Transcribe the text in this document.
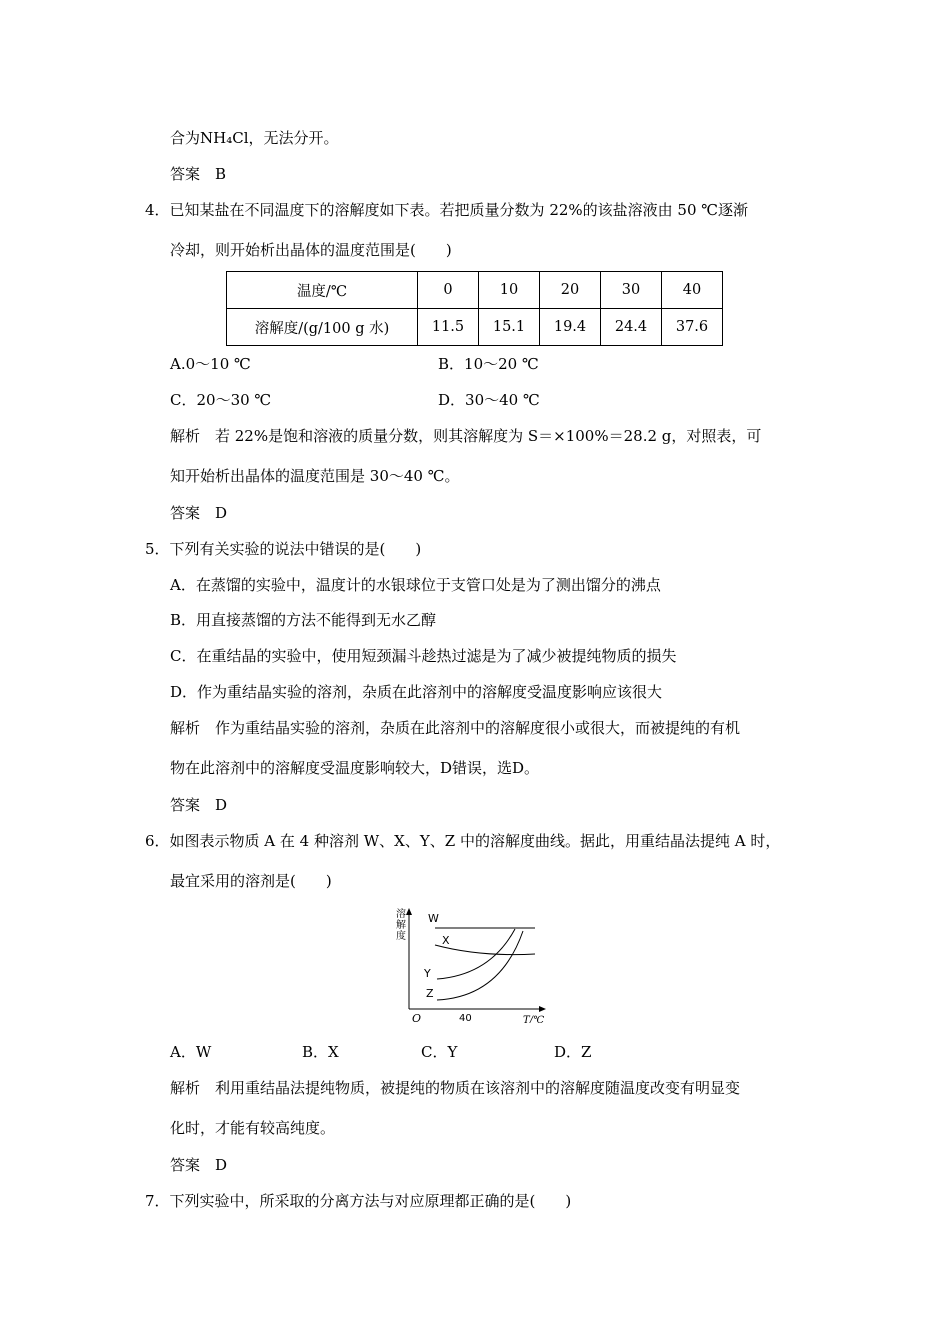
合为NH₄Cl，无法分开。
答案　B
4．已知某盐在不同温度下的溶解度如下表。若把质量分数为 22%的该盐溶液由 50 ℃逐渐
冷却，则开始析出晶体的温度范围是(　　)
温度/℃	0	10	20	30	40
溶解度/(g/100 g 水)	11.5	15.1	19.4	24.4	37.6
A.0～10 ℃	B．10～20 ℃
C．20～30 ℃	D．30～40 ℃
解析　若 22%是饱和溶液的质量分数，则其溶解度为 S＝×100%＝28.2 g，对照表，可
知开始析出晶体的温度范围是 30～40 ℃。
答案　D
5．下列有关实验的说法中错误的是(　　)
A．在蒸馏的实验中，温度计的水银球位于支管口处是为了测出馏分的沸点
B．用直接蒸馏的方法不能得到无水乙醇
C．在重结晶的实验中，使用短颈漏斗趁热过滤是为了减少被提纯物质的损失
D．作为重结晶实验的溶剂，杂质在此溶剂中的溶解度受温度影响应该很大
解析　作为重结晶实验的溶剂，杂质在此溶剂中的溶解度很小或很大，而被提纯的有机
物在此溶剂中的溶解度受温度影响较大，D错误，选D。
答案　D
6．如图表示物质 A 在 4 种溶剂 W、X、Y、Z 中的溶解度曲线。据此，用重结晶法提纯 A 时，
最宜采用的溶剂是(　　)
溶 解 度
W
X
Y
Z
O	40	T/℃
A．W	B．X	C．Y	D．Z
解析　利用重结晶法提纯物质，被提纯的物质在该溶剂中的溶解度随温度改变有明显变
化时，才能有较高纯度。
答案　D
7．下列实验中，所采取的分离方法与对应原理都正确的是(　　)
